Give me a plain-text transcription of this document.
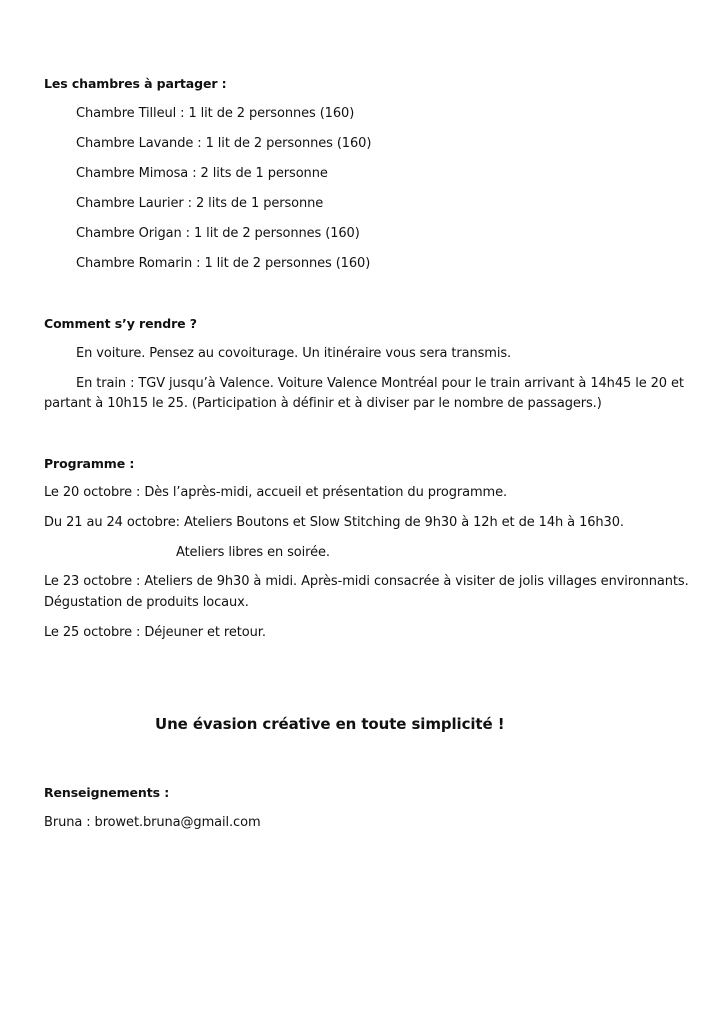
Les chambres à partager :
Chambre Tilleul : 1 lit de 2 personnes (160)
Chambre Lavande : 1 lit de 2 personnes (160)
Chambre Mimosa : 2 lits de 1 personne
Chambre Laurier : 2 lits de 1 personne
Chambre Origan : 1 lit de 2 personnes (160)
Chambre Romarin : 1 lit de 2 personnes (160)
Comment s’y rendre ?
En voiture. Pensez au covoiturage. Un itinéraire vous sera transmis.
En train : TGV jusqu’à Valence. Voiture Valence Montréal pour le train arrivant à 14h45 le 20 et
partant à 10h15 le 25. (Participation à définir et à diviser par le nombre de passagers.)
Programme :
Le 20 octobre : Dès l’après-midi, accueil et présentation du programme.
Du 21 au 24 octobre: Ateliers Boutons et Slow Stitching de 9h30 à 12h et de 14h à 16h30.
Ateliers libres en soirée.
Le 23 octobre : Ateliers de 9h30 à midi. Après-midi consacrée à visiter de jolis villages environnants.
Dégustation de produits locaux.
Le 25 octobre : Déjeuner et retour.
Une évasion créative en toute simplicité !
Renseignements :
Bruna : browet.bruna@gmail.com
